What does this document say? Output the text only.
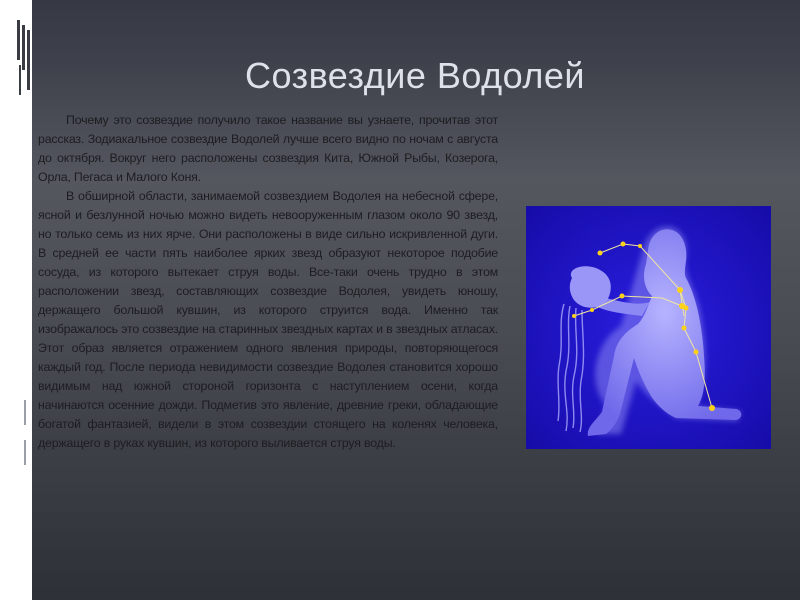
Созвездие Водолей

Почему это созвездие получило такое название вы узнаете, прочитав этот рассказ. Зодиакальное созвездие Водолей лучше всего видно по ночам с августа до октября. Вокруг него расположены созвездия Кита, Южной Рыбы, Козерога, Орла, Пегаса и Малого Коня.

В обширной области, занимаемой созвездием Водолея на небесной сфере, ясной и безлунной ночью можно видеть невооруженным глазом около 90 звезд, но только семь из них ярче. Они расположены в виде сильно искривленной дуги. В средней ее части пять наиболее ярких звезд образуют некоторое подобие сосуда, из которого вытекает струя воды. Все-таки очень трудно в этом расположении звезд, составляющих созвездие Водолея, увидеть юношу, держащего большой кувшин, из которого струится вода. Именно так изображалось это созвездие на старинных звездных картах и в звездных атласах. Этот образ является отражением одного явления природы, повторяющегося каждый год. После периода невидимости созвездие Водолея становится хорошо видимым над южной стороной горизонта с наступлением осени, когда начинаются осенние дожди. Подметив это явление, древние греки, обладающие богатой фантазией, видели в этом созвездии стоящего на коленях человека, держащего в руках кувшин, из которого выливается струя воды.
